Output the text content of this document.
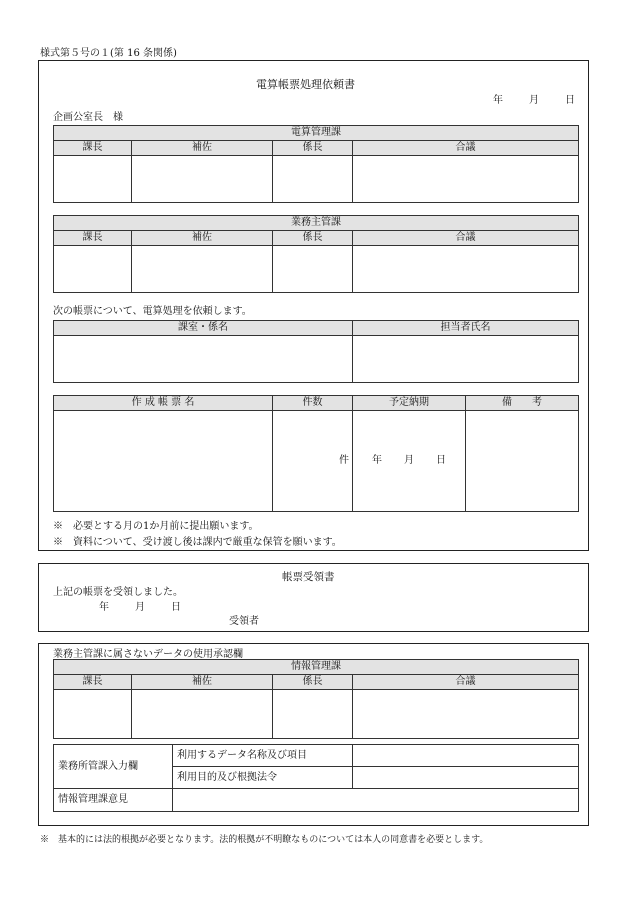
様式第５号の１(第 16 条関係)
電算帳票処理依頼書
年	月	日
企画公室長　様
電算管理課			
課長	補佐	係長	合議

業務主管課			
課長	補佐	係長	合議

次の帳票について、電算処理を依頼します。
課室・係名	担当者氏名

作 成 帳 票 名	件数	予定納期	備　　考
	件	年 月 日	
※　必要とする月の1か月前に提出願います。
※　資料について、受け渡し後は課内で厳重な保管を願います。
帳票受領書
上記の帳票を受領しました。
年	月	日
受領者
業務主管課に属さないデータの使用承認欄
情報管理課			
課長	補佐	係長	合議

業務所管課入力欄	利用するデータ名称及び項目	
	利用目的及び根拠法令	
情報管理課意見		
※　基本的には法的根拠が必要となります。法的根拠が不明瞭なものについては本人の同意書を必要とします。
